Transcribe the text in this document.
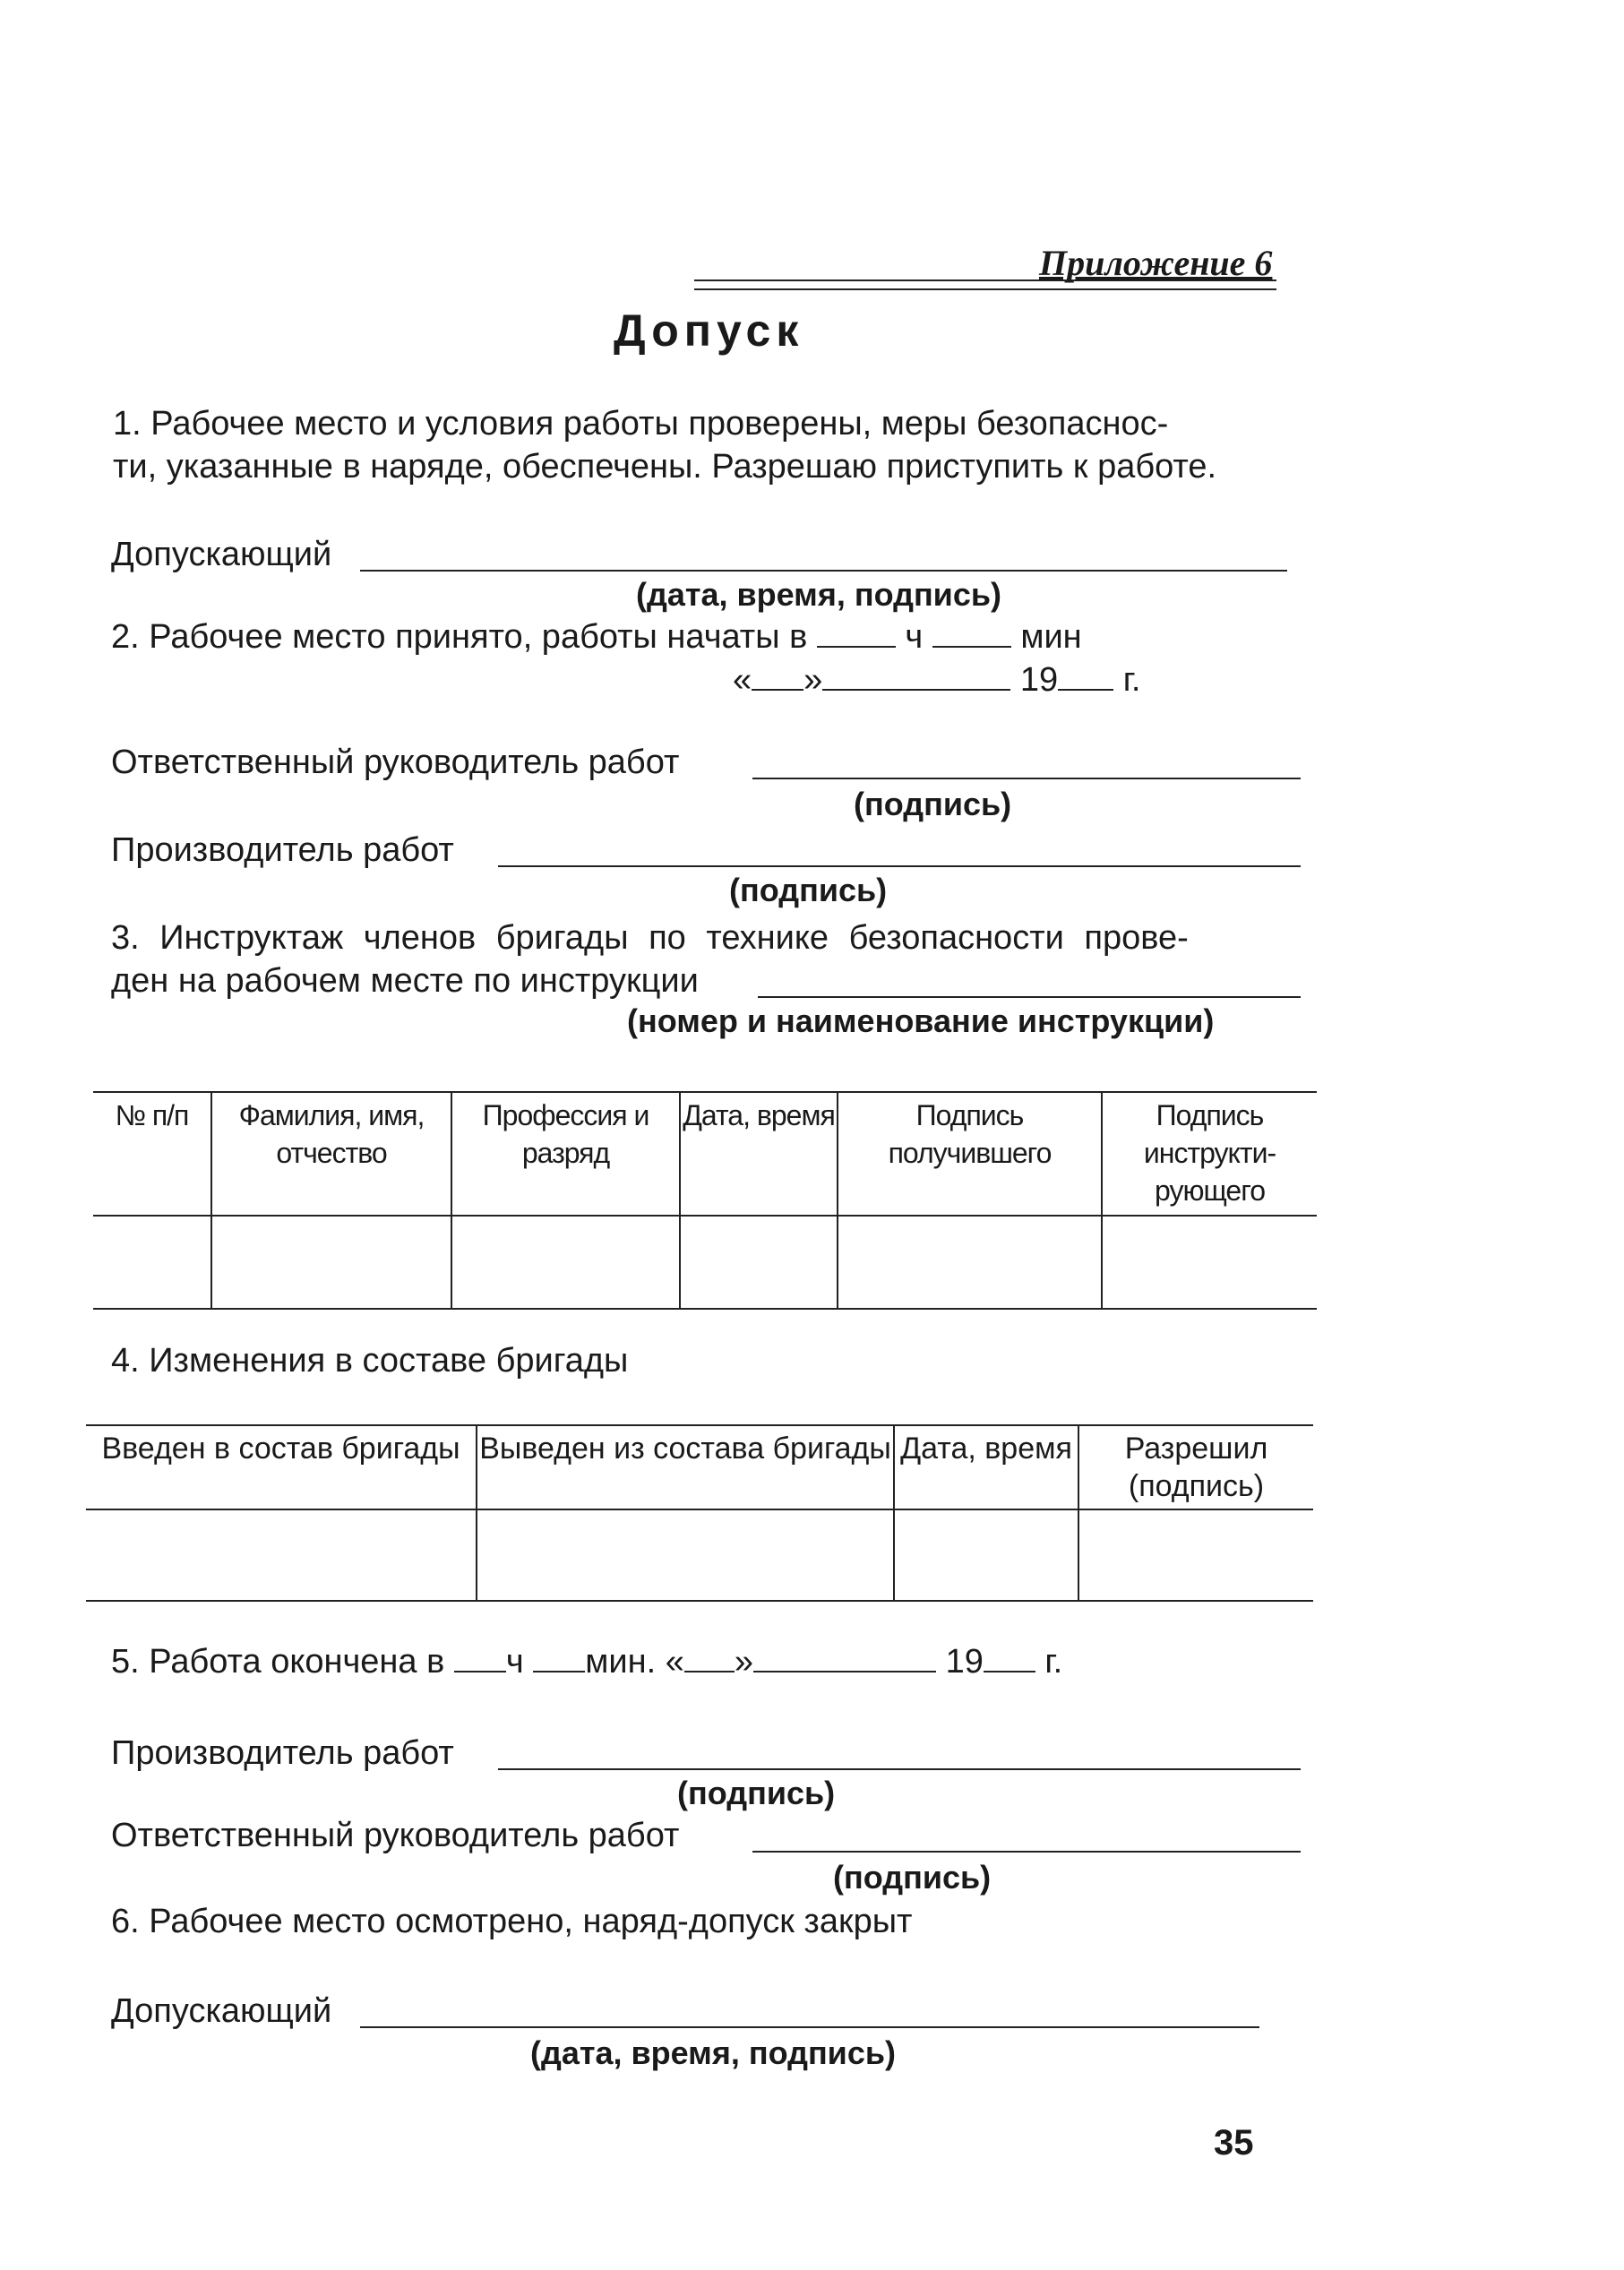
Приложение 6
Допуск
1. Рабочее место и условия работы проверены, меры безопаснос-
ти, указанные в наряде, обеспечены. Разрешаю приступить к работе.
Допускающий
(дата, время, подпись)
2. Рабочее место принято, работы начаты в	ч	мин
« »	19 г.
Ответственный руководитель работ
(подпись)
Производитель работ
(подпись)
3. Инструктаж членов бригады по технике безопасности прове-
ден на рабочем месте по инструкции
(номер и наименование инструкции)
№ п/п	Фамилия, имя, отчество	Профессия и разряд	Дата, время	Подпись получившего	Подпись инструкти-рующего

4. Изменения в составе бригады
Введен в состав бригады	Выведен из состава бригады	Дата, время	Разрешил (подпись)

5. Работа окончена в ч мин. « »	19 г.
Производитель работ
(подпись)
Ответственный руководитель работ
(подпись)
6. Рабочее место осмотрено, наряд-допуск закрыт
Допускающий
(дата, время, подпись)
35
